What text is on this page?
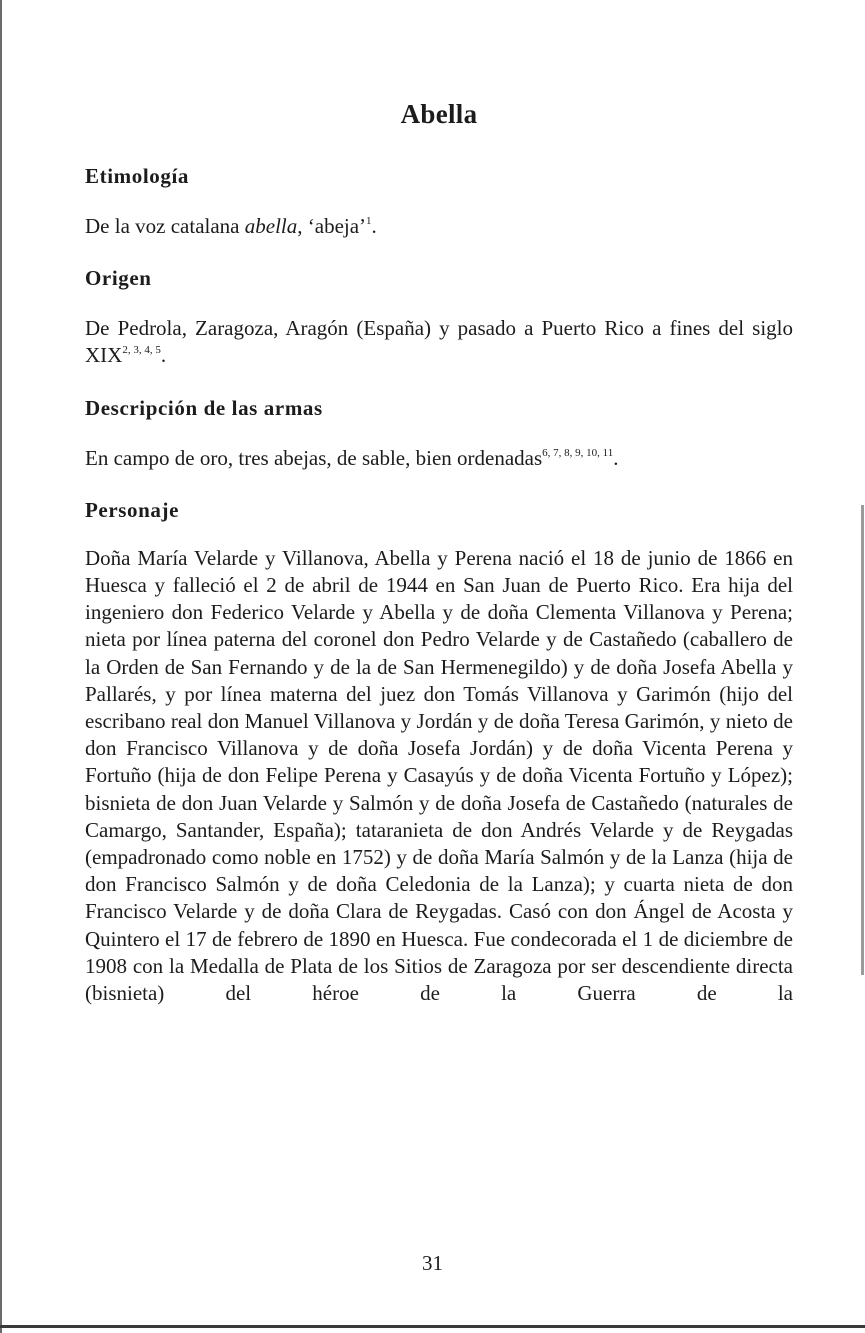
Abella
Etimología

De la voz catalana abella, ‘abeja’$^1$.

Origen

De Pedrola, Zaragoza, Aragón (España) y pasado a Puerto Rico a fines del siglo XIX$^{2, 3, 4, 5}$.

Descripción de las armas

En campo de oro, tres abejas, de sable, bien ordenadas$^{6, 7, 8, 9, 10, 11}$.

Personaje

Doña María Velarde y Villanova, Abella y Perena nació el 18 de junio de 1866 en Huesca y falleció el 2 de abril de 1944 en San Juan de Puerto Rico. Era hija del ingeniero don Federico Velarde y Abella y de doña Clementa Villanova y Perena; nieta por línea paterna del coronel don Pedro Velarde y de Castañedo (caballero de la Orden de San Fernando y de la de San Hermenegildo) y de doña Josefa Abella y Pallarés, y por línea materna del juez don Tomás Villanova y Garimón (hijo del escribano real don Manuel Villanova y Jordán y de doña Teresa Garimón, y nieto de don Francisco Villanova y de doña Josefa Jordán) y de doña Vicenta Perena y Fortuño (hija de don Felipe Perena y Casayús y de doña Vicenta Fortuño y López); bisnieta de don Juan Velarde y Salmón y de doña Josefa de Castañedo (naturales de Camargo, Santander, España); tataranieta de don Andrés Velarde y de Reygadas (empadronado como noble en 1752) y de doña María Salmón y de la Lanza (hija de don Francisco Salmón y de doña Celedonia de la Lanza); y cuarta nieta de don Francisco Velarde y de doña Clara de Reygadas. Casó con don Ángel de Acosta y Quintero el 17 de febrero de 1890 en Huesca. Fue condecorada el 1 de diciembre de 1908 con la Medalla de Plata de los Sitios de Zaragoza por ser descendiente directa (bisnieta) del héroe de la Guerra de la

31
